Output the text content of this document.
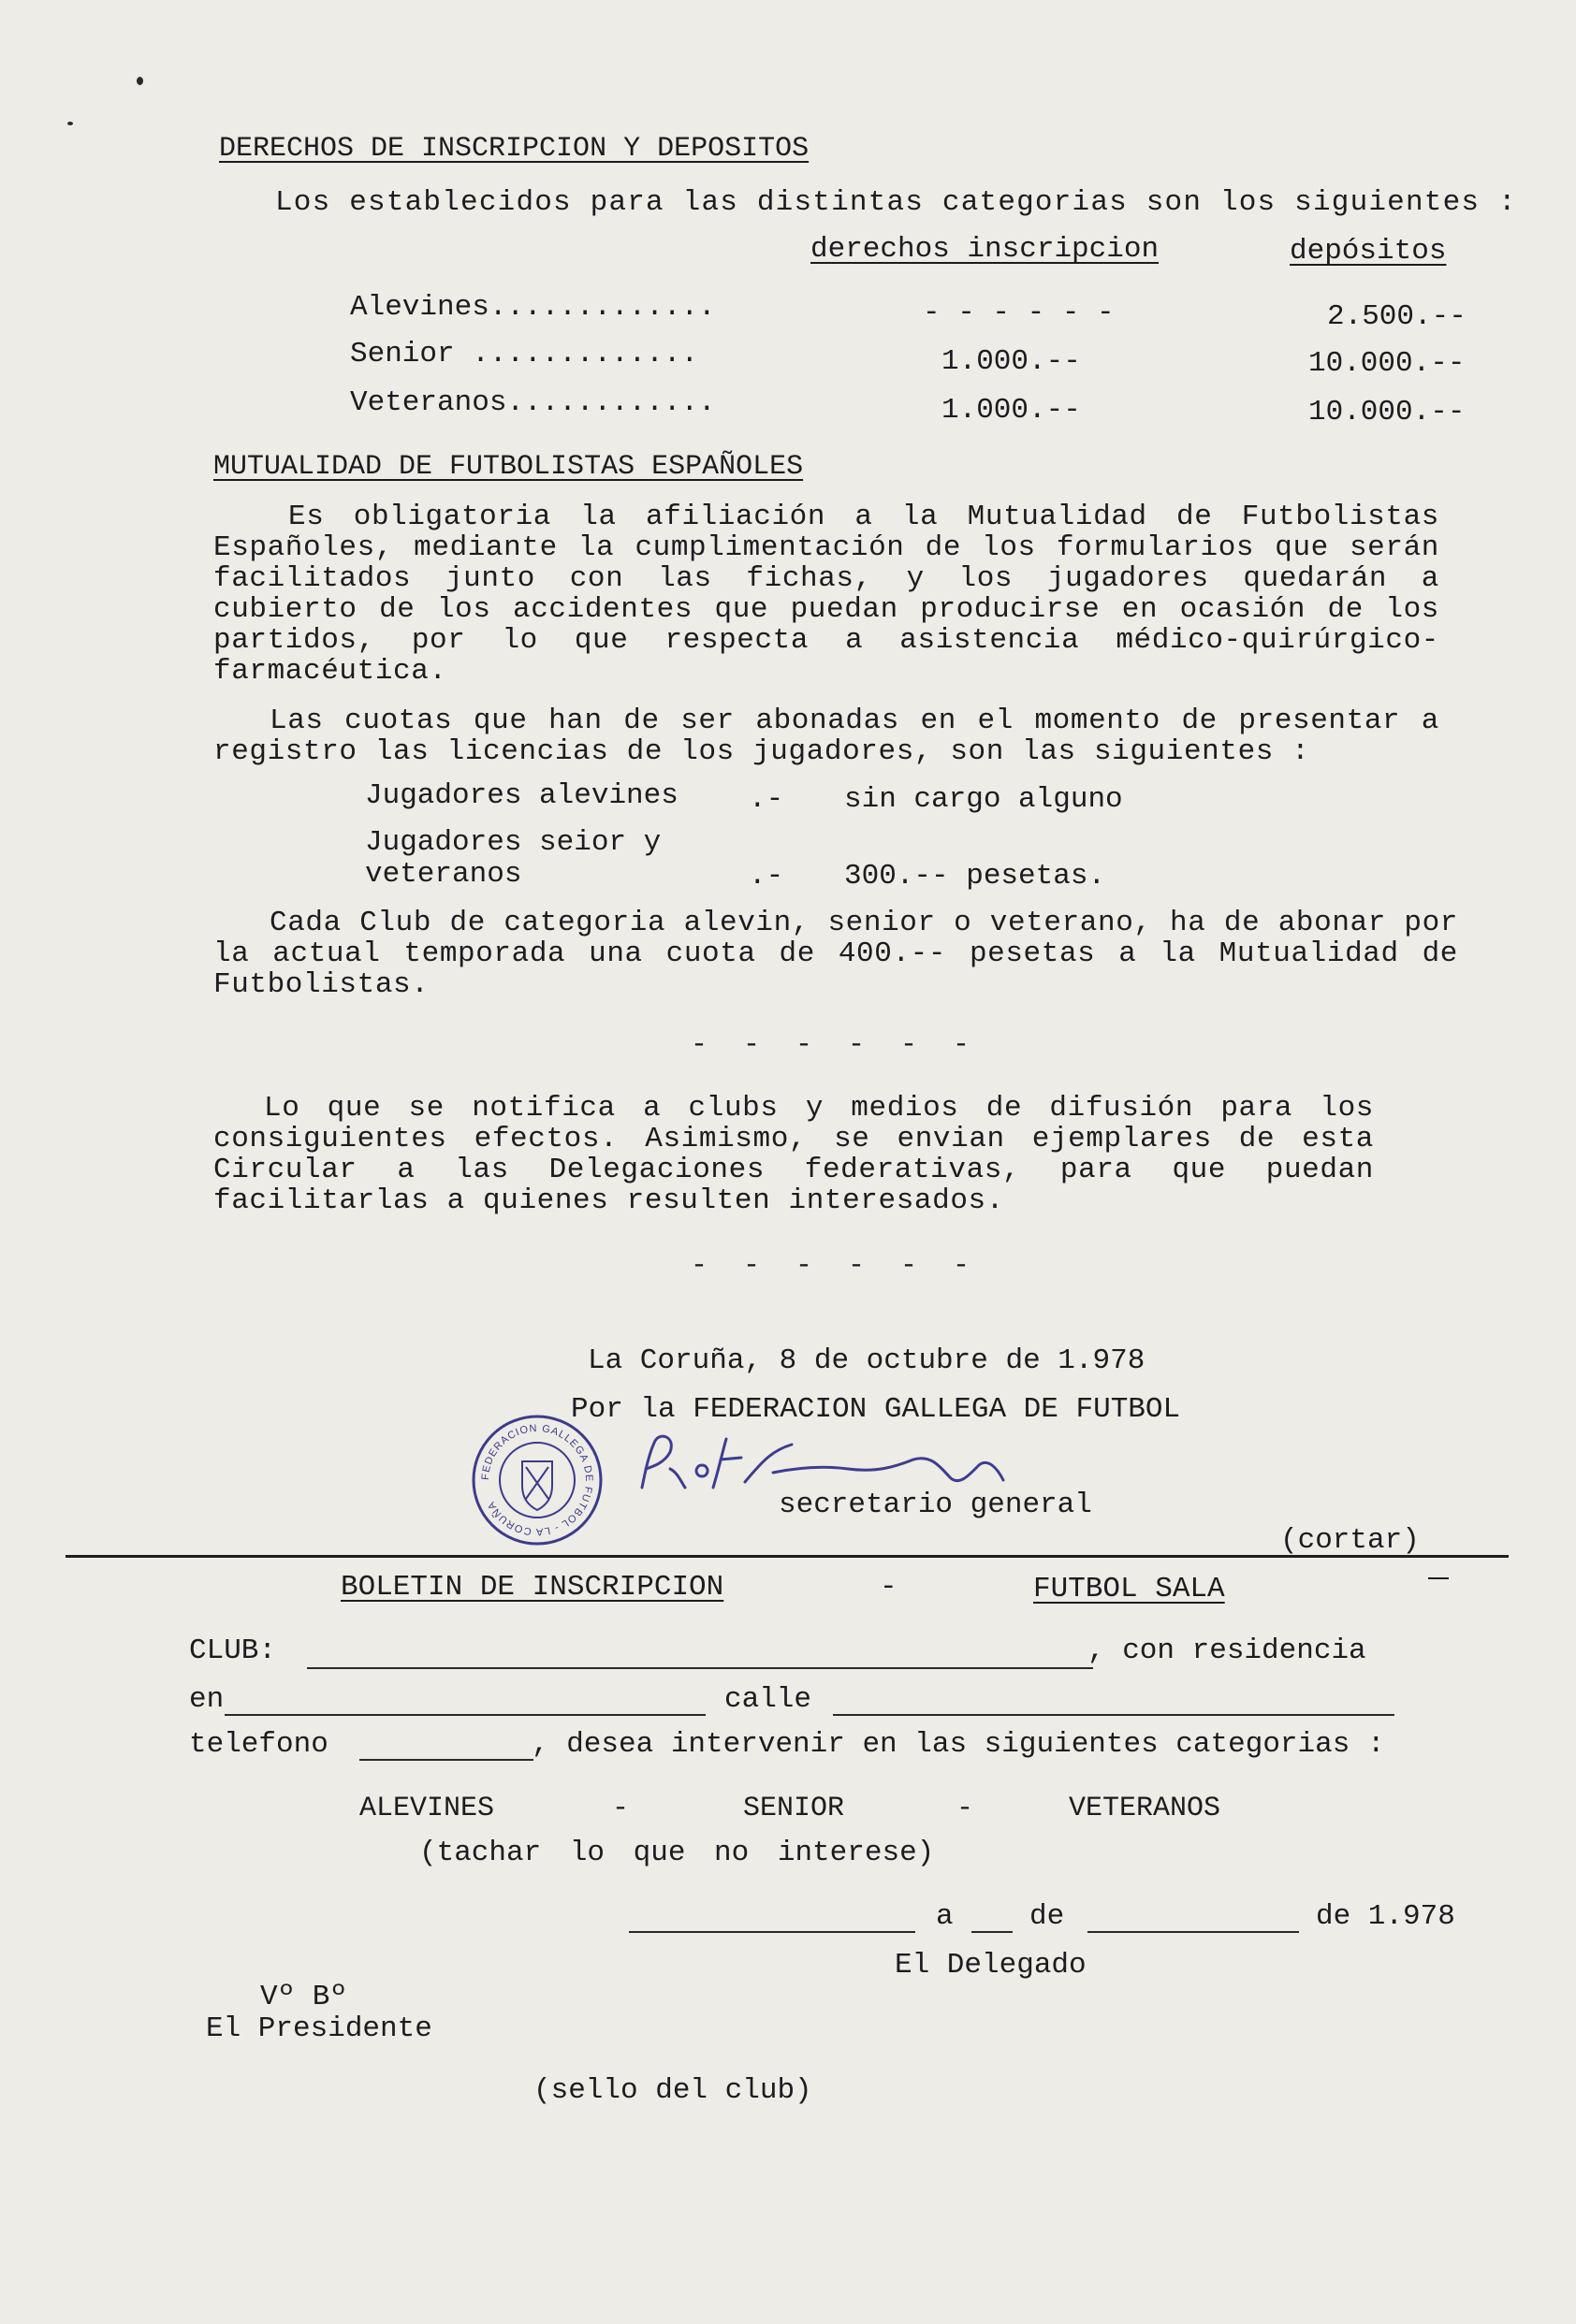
DERECHOS DE INSCRIPCION Y DEPOSITOS
Los establecidos para las distintas categorias son los siguientes :
derechos inscripcion	depósitos
Alevines.............	- - - - - -	2.500.--
Senior .............	1.000.--	10.000.--
Veteranos............	1.000.--	10.000.--
MUTUALIDAD DE FUTBOLISTAS ESPAÑOLES
Es obligatoria la afiliación a la Mutualidad de Futbolistas Españoles, mediante la cumplimentación de los formularios que serán facilitados junto con las fichas, y los jugadores quedarán a cubierto de los accidentes que puedan producirse en ocasión de los partidos, por lo que respecta a asistencia médico-quirúrgico-farmacéutica.
Las cuotas que han de ser abonadas en el momento de presentar a registro las licencias de los jugadores, son las siguientes :
Jugadores alevines .- sin cargo alguno
Jugadores seior y
veteranos	.- 300.-- pesetas.
Cada Club de categoria alevin, senior o veterano, ha de abonar por la actual temporada una cuota de 400.-- pesetas a la Mutualidad de Futbolistas.
- - - - - -
Lo que se notifica a clubs y medios de difusión para los consiguientes efectos. Asimismo, se envian ejemplares de esta Circular a las Delegaciones federativas, para que puedan facilitarlas a quienes resulten interesados.
- - - - - -
La Coruña, 8 de octubre de 1.978
Por la FEDERACION GALLEGA DE FUTBOL
FEDERACION GALLEGA DE FUTBOL - LA CORUÑA	secretario general
(cortar)
BOLETIN DE INSCRIPCION	-	FUTBOL SALA
CLUB:	, con residencia
en	calle
telefono	, desea intervenir en las siguientes categorias :
ALEVINES	-	SENIOR	-	VETERANOS
(tachar lo que no interese)
a	de	de 1.978
El Delegado
Vº Bº
El Presidente
(sello del club)
